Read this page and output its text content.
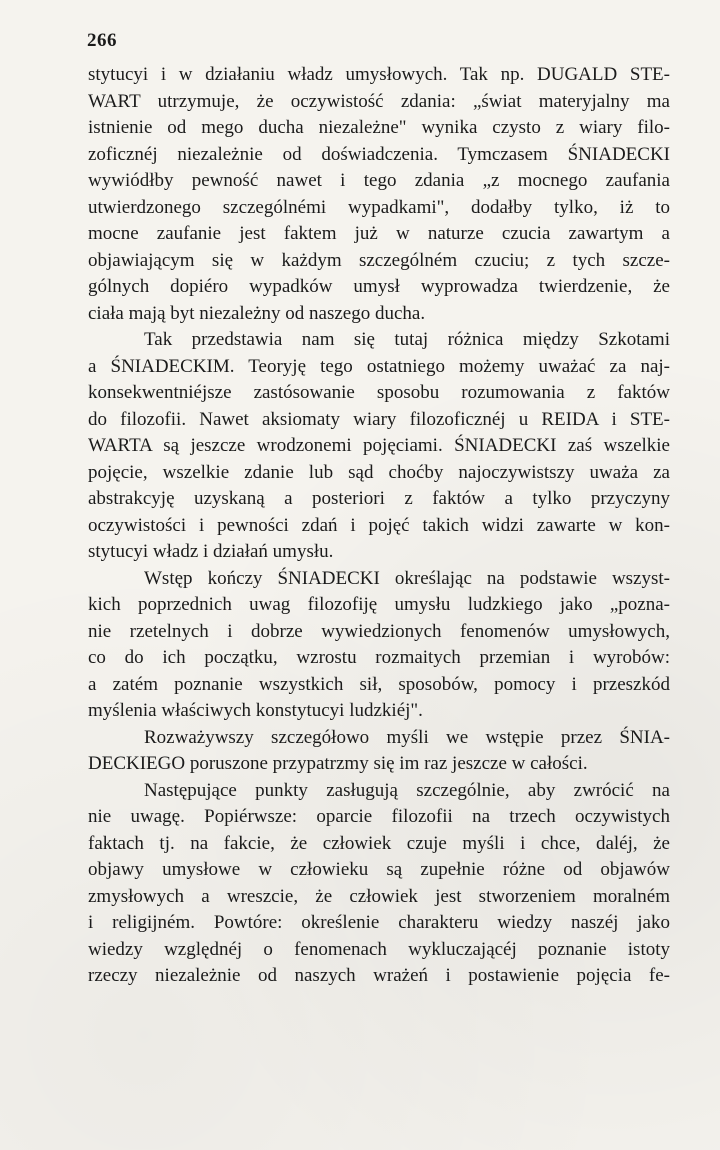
266
stytucyi i w działaniu władz umysłowych. Tak np. DUGALD STE-
WART utrzymuje, że oczywistość zdania: „świat materyjalny ma
istnienie od mego ducha niezależne" wynika czysto z wiary filo-
zoficznéj niezależnie od doświadczenia. Tymczasem ŚNIADECKI
wywiódłby pewność nawet i tego zdania „z mocnego zaufania
utwierdzonego szczególnémi wypadkami", dodałby tylko, iż to
mocne zaufanie jest faktem już w naturze czucia zawartym a
objawiającym się w każdym szczególném czuciu; z tych szcze-
gólnych dopiéro wypadków umysł wyprowadza twierdzenie, że
ciała mają byt niezależny od naszego ducha.
Tak przedstawia nam się tutaj różnica między Szkotami
a ŚNIADECKIM. Teoryję tego ostatniego możemy uważać za naj-
konsekwentniéjsze zastósowanie sposobu rozumowania z faktów
do filozofii. Nawet aksiomaty wiary filozoficznéj u REIDA i STE-
WARTA są jeszcze wrodzonemi pojęciami. ŚNIADECKI zaś wszelkie
pojęcie, wszelkie zdanie lub sąd choćby najoczywistszy uważa za
abstrakcyję uzyskaną a posteriori z faktów a tylko przyczyny
oczywistości i pewności zdań i pojęć takich widzi zawarte w kon-
stytucyi władz i działań umysłu.
Wstęp kończy ŚNIADECKI określając na podstawie wszyst-
kich poprzednich uwag filozofiję umysłu ludzkiego jako „pozna-
nie rzetelnych i dobrze wywiedzionych fenomenów umysłowych,
co do ich początku, wzrostu rozmaitych przemian i wyrobów:
a zatém poznanie wszystkich sił, sposobów, pomocy i przeszkód
myślenia właściwych konstytucyi ludzkiéj".
Rozważywszy szczegółowo myśli we wstępie przez ŚNIA-
DECKIEGO poruszone przypatrzmy się im raz jeszcze w całości.
Następujące punkty zasługują szczególnie, aby zwrócić na
nie uwagę. Popiérwsze: oparcie filozofii na trzech oczywistych
faktach tj. na fakcie, że człowiek czuje myśli i chce, daléj, że
objawy umysłowe w człowieku są zupełnie różne od objawów
zmysłowych a wreszcie, że człowiek jest stworzeniem moralném
i religijném. Powtóre: określenie charakteru wiedzy naszéj jako
wiedzy względnéj o fenomenach wykluczającéj poznanie istoty
rzeczy niezależnie od naszych wrażeń i postawienie pojęcia fe-
